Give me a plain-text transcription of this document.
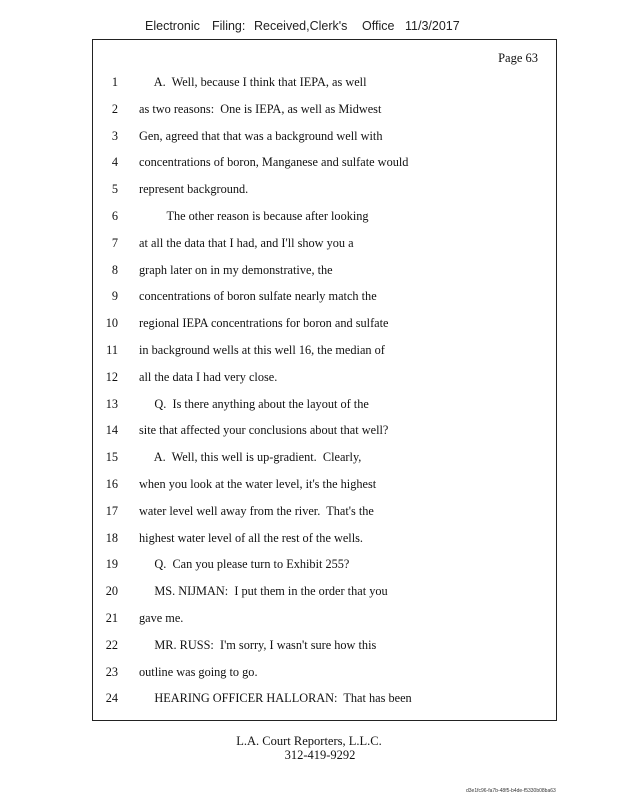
Electronic Filing: Received,Clerk's Office 11/3/2017
Page 63
1 A.  Well, because I think that IEPA, as well
2 as two reasons:  One is IEPA, as well as Midwest
3 Gen, agreed that that was a background well with
4 concentrations of boron, Manganese and sulfate would
5 represent background.
6 The other reason is because after looking
7 at all the data that I had, and I'll show you a
8 graph later on in my demonstrative, the
9 concentrations of boron sulfate nearly match the
10 regional IEPA concentrations for boron and sulfate
11 in background wells at this well 16, the median of
12 all the data I had very close.
13 Q.  Is there anything about the layout of the
14 site that affected your conclusions about that well?
15 A.  Well, this well is up-gradient.  Clearly,
16 when you look at the water level, it's the highest
17 water level well away from the river.  That's the
18 highest water level of all the rest of the wells.
19 Q.  Can you please turn to Exhibit 255?
20 MS. NIJMAN:  I put them in the order that you
21 gave me.
22 MR. RUSS:  I'm sorry, I wasn't sure how this
23 outline was going to go.
24 HEARING OFFICER HALLORAN:  That has been
L.A. Court Reporters, L.L.C.
312-419-9292
d3e1fc96-fa7b-48f5-b4de-f5330b08ba63
